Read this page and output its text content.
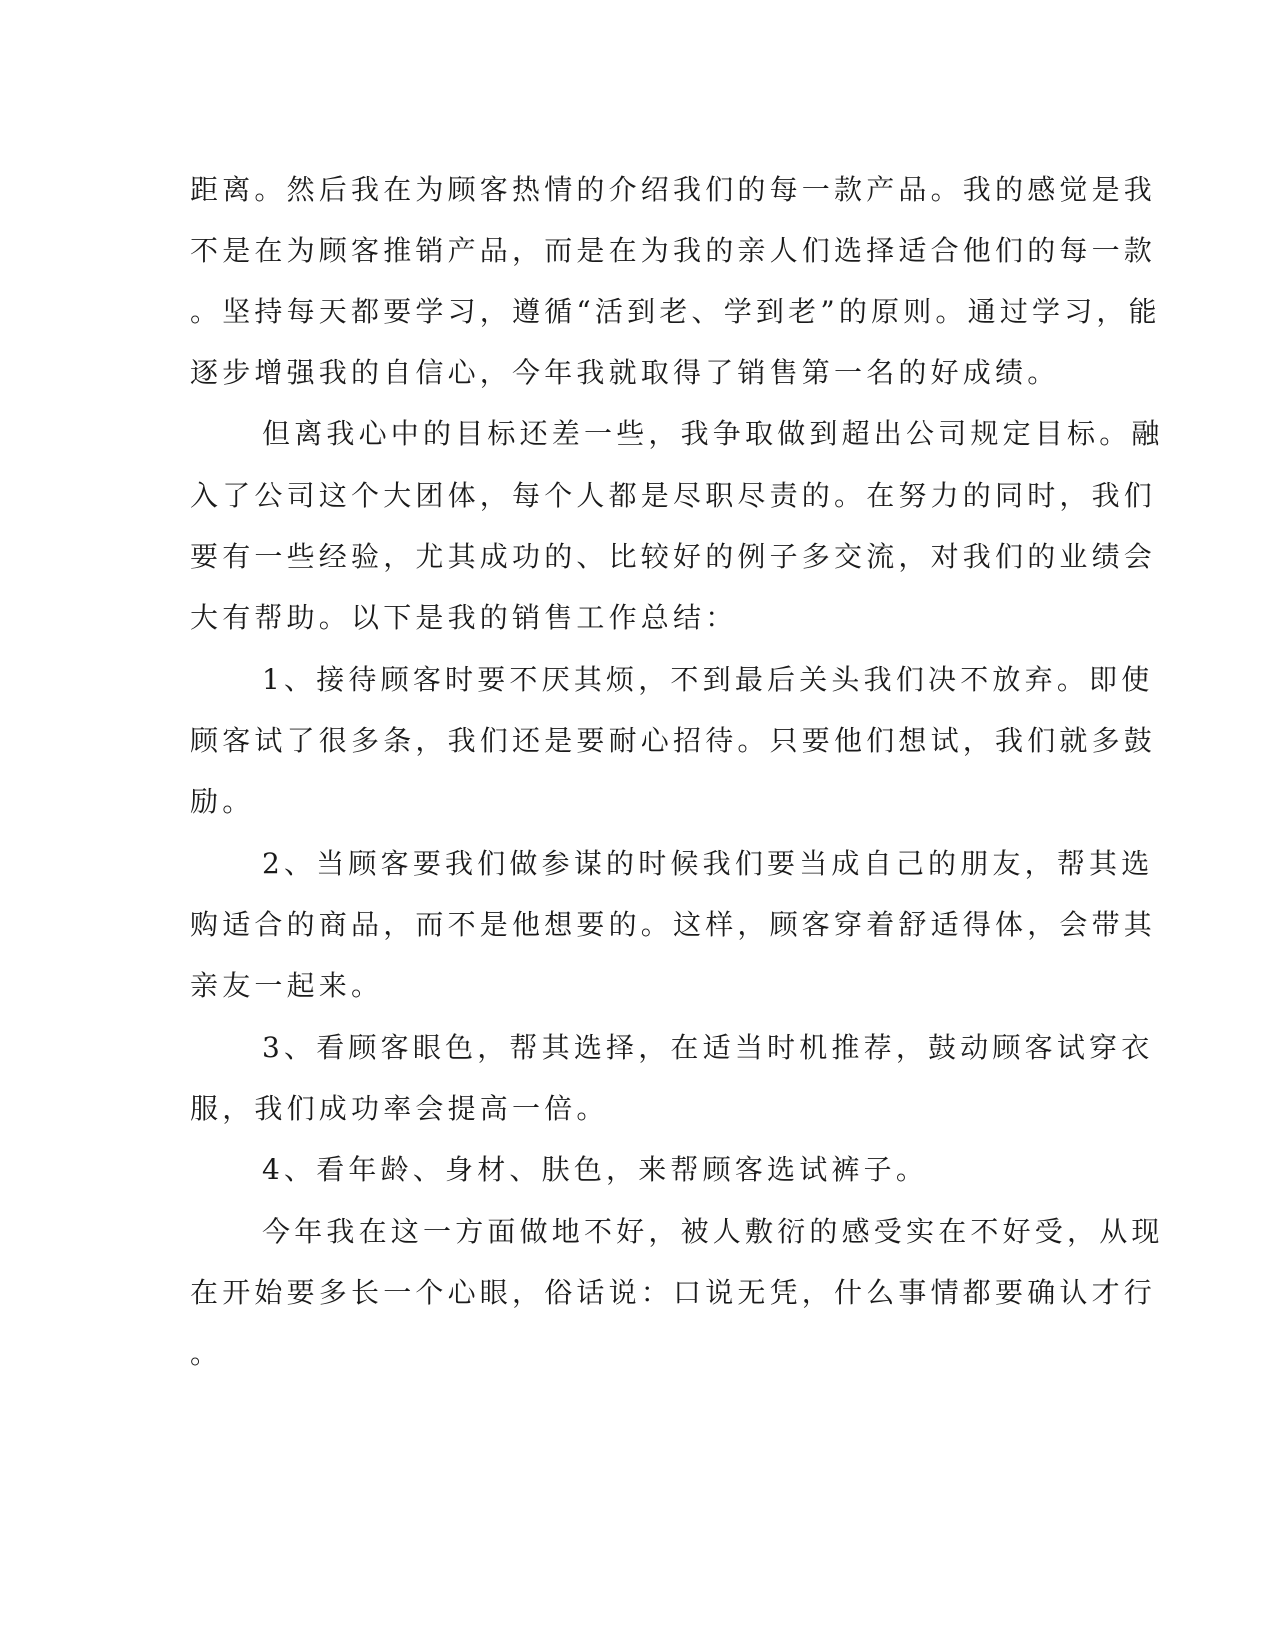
距离。然后我在为顾客热情的介绍我们的每一款产品。我的感觉是我

不是在为顾客推销产品，而是在为我的亲人们选择适合他们的每一款

。坚持每天都要学习，遵循“活到老、学到老”的原则。通过学习，能

逐步增强我的自信心，今年我就取得了销售第一名的好成绩。

但离我心中的目标还差一些，我争取做到超出公司规定目标。融

入了公司这个大团体，每个人都是尽职尽责的。在努力的同时，我们

要有一些经验，尤其成功的、比较好的例子多交流，对我们的业绩会

大有帮助。以下是我的销售工作总结：

1、接待顾客时要不厌其烦，不到最后关头我们决不放弃。即使

顾客试了很多条，我们还是要耐心招待。只要他们想试，我们就多鼓

励。

2、当顾客要我们做参谋的时候我们要当成自己的朋友，帮其选

购适合的商品，而不是他想要的。这样，顾客穿着舒适得体，会带其

亲友一起来。

3、看顾客眼色，帮其选择，在适当时机推荐，鼓动顾客试穿衣

服，我们成功率会提高一倍。

4、看年龄、身材、肤色，来帮顾客选试裤子。

今年我在这一方面做地不好，被人敷衍的感受实在不好受，从现

在开始要多长一个心眼，俗话说：口说无凭，什么事情都要确认才行

。
